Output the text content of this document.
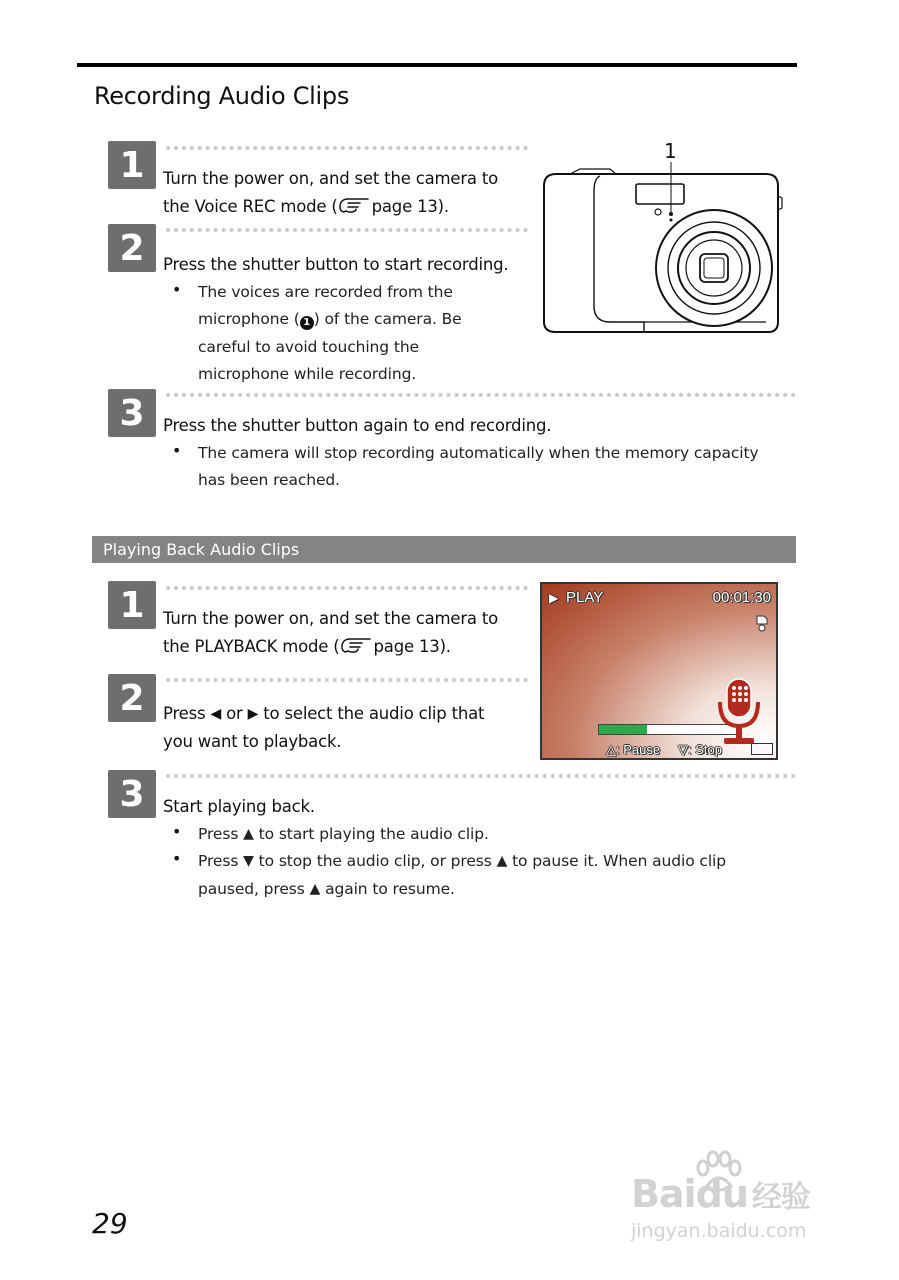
Recording Audio Clips
1	Turn the power on, and set the camera to
the Voice REC mode ( page 13).
2	Press the shutter button to start recording.
• The voices are recorded from the
microphone ( 1 ) of the camera. Be
careful to avoid touching the
microphone while recording.
1
3	Press the shutter button again to end recording.
• The camera will stop recording automatically when the memory capacity
has been reached.
Playing Back Audio Clips
1	Turn the power on, and set the camera to
the PLAYBACK mode ( page 13).
2	Press ◀ or ▶ to select the audio clip that
you want to playback.
▶ PLAY	00:01:30
△: Pause ▽: Stop
3	Start playing back.
• Press ▲ to start playing the audio clip.
• Press ▼ to stop the audio clip, or press ▲ to pause it. When audio clip
paused, press ▲ again to resume.
29
Baidu 经验
jingyan.baidu.com
